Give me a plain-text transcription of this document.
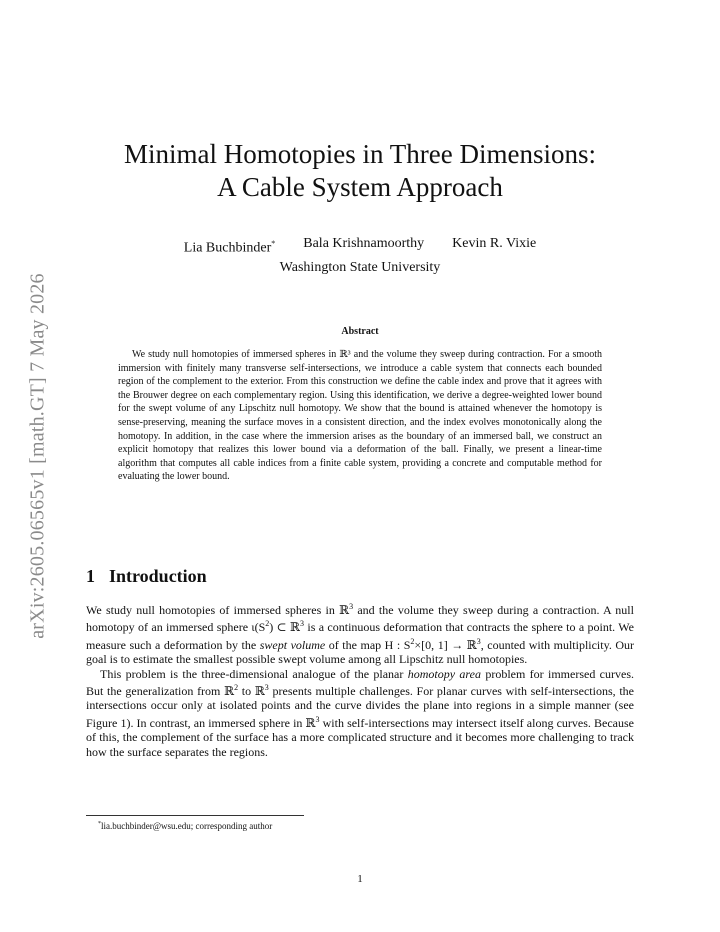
arXiv:2605.06565v1 [math.GT] 7 May 2026
Minimal Homotopies in Three Dimensions:
A Cable System Approach
Lia Buchbinder* Bala Krishnamoorthy Kevin R. Vixie
Washington State University
Abstract
We study null homotopies of immersed spheres in ℝ³ and the volume they sweep during contraction. For a smooth immersion with finitely many transverse self-intersections, we introduce a cable system that connects each bounded region of the complement to the exterior. From this construction we define the cable index and prove that it agrees with the Brouwer degree on each complementary region. Using this identification, we derive a degree-weighted lower bound for the swept volume of any Lipschitz null homotopy. We show that the bound is attained whenever the homotopy is sense-preserving, meaning the surface moves in a consistent direction, and the index evolves monotonically along the homotopy. In addition, in the case where the immersion arises as the boundary of an immersed ball, we construct an explicit homotopy that realizes this lower bound via a deformation of the ball. Finally, we present a linear-time algorithm that computes all cable indices from a finite cable system, providing a concrete and computable method for evaluating the lower bound.
1 Introduction

We study null homotopies of immersed spheres in ℝ$^3$ and the volume they sweep during a contraction. A null homotopy of an immersed sphere $\iota(S^2)$ ⊂ ℝ$^3$ is a continuous deformation that contracts the sphere to a point. We measure such a deformation by the swept volume of the map H : $S^2\times[0$, 1] → ℝ$^3$, counted with multiplicity. Our goal is to estimate the smallest possible swept volume among all Lipschitz null homotopies.

This problem is the three-dimensional analogue of the planar homotopy area problem for immersed curves. But the generalization from ℝ$^2$ to ℝ$^3$ presents multiple challenges. For planar curves with self-intersections, the intersections occur only at isolated points and the curve divides the plane into regions in a simple manner (see Figure 1). In contrast, an immersed sphere in ℝ$^3$ with self-intersections may intersect itself along curves. Because of this, the complement of the surface has a more complicated structure and it becomes more challenging to track how the surface separates the regions.

*lia.buchbinder@wsu.edu; corresponding author
1
